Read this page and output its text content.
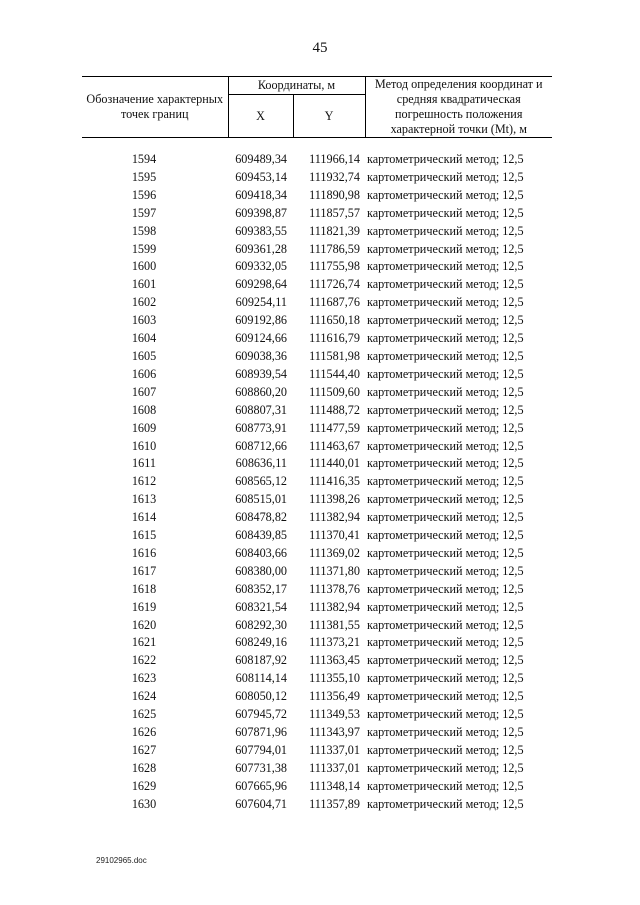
45
Обозначение характерных точек границ	Координаты, м		Метод определения координат и средняя квадратическая погрешность положения характерной точки (Mt), м
	X	Y	

1594	609489,34	111966,14	картометрический метод; 12,5
1595	609453,14	111932,74	картометрический метод; 12,5
1596	609418,34	111890,98	картометрический метод; 12,5
1597	609398,87	111857,57	картометрический метод; 12,5
1598	609383,55	111821,39	картометрический метод; 12,5
1599	609361,28	111786,59	картометрический метод; 12,5
1600	609332,05	111755,98	картометрический метод; 12,5
1601	609298,64	111726,74	картометрический метод; 12,5
1602	609254,11	111687,76	картометрический метод; 12,5
1603	609192,86	111650,18	картометрический метод; 12,5
1604	609124,66	111616,79	картометрический метод; 12,5
1605	609038,36	111581,98	картометрический метод; 12,5
1606	608939,54	111544,40	картометрический метод; 12,5
1607	608860,20	111509,60	картометрический метод; 12,5
1608	608807,31	111488,72	картометрический метод; 12,5
1609	608773,91	111477,59	картометрический метод; 12,5
1610	608712,66	111463,67	картометрический метод; 12,5
1611	608636,11	111440,01	картометрический метод; 12,5
1612	608565,12	111416,35	картометрический метод; 12,5
1613	608515,01	111398,26	картометрический метод; 12,5
1614	608478,82	111382,94	картометрический метод; 12,5
1615	608439,85	111370,41	картометрический метод; 12,5
1616	608403,66	111369,02	картометрический метод; 12,5
1617	608380,00	111371,80	картометрический метод; 12,5
1618	608352,17	111378,76	картометрический метод; 12,5
1619	608321,54	111382,94	картометрический метод; 12,5
1620	608292,30	111381,55	картометрический метод; 12,5
1621	608249,16	111373,21	картометрический метод; 12,5
1622	608187,92	111363,45	картометрический метод; 12,5
1623	608114,14	111355,10	картометрический метод; 12,5
1624	608050,12	111356,49	картометрический метод; 12,5
1625	607945,72	111349,53	картометрический метод; 12,5
1626	607871,96	111343,97	картометрический метод; 12,5
1627	607794,01	111337,01	картометрический метод; 12,5
1628	607731,38	111337,01	картометрический метод; 12,5
1629	607665,96	111348,14	картометрический метод; 12,5
1630	607604,71	111357,89	картометрический метод; 12,5
29102965.doc
